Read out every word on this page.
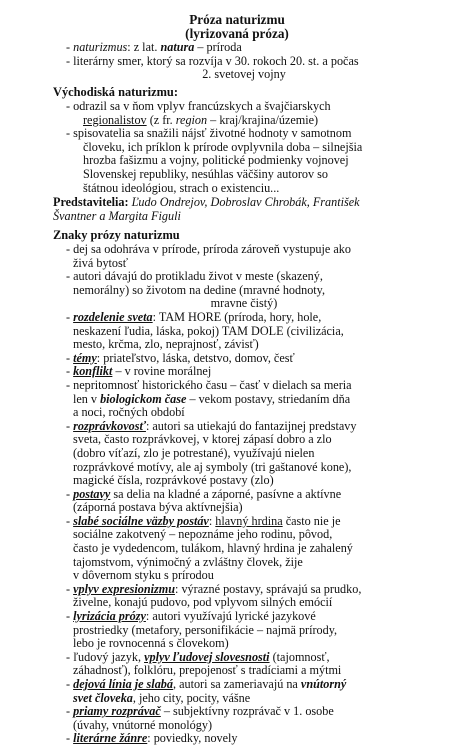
Próza naturizmu
(lyrizovaná próza)
- naturizmus: z lat. natura – príroda
- literárny smer, ktorý sa rozvíja v 30. rokoch 20. st. a počas
2. svetovej vojny
Východiská naturizmu:
- odrazil sa v ňom vplyv francúzskych a švajčiarskych
regionalistov (z fr. region – kraj/krajina/územie)
- spisovatelia sa snažili nájsť životné hodnoty v samotnom
človeku, ich príklon k prírode ovplyvnila doba – silnejšia
hrozba fašizmu a vojny, politické podmienky vojnovej
Slovenskej republiky, nesúhlas väčšiny autorov so
štátnou ideológiou, strach o existenciu...
Predstavitelia: Ľudo Ondrejov, Dobroslav Chrobák, František
Švantner a Margita Figuli
Znaky prózy naturizmu
- dej sa odohráva v prírode, príroda zároveň vystupuje ako
živá bytosť
- autori dávajú do protikladu život v meste (skazený,
nemorálny) so životom na dedine (mravné hodnoty,
mravne čistý)
- rozdelenie sveta: TAM HORE (príroda, hory, hole,
neskazení ľudia, láska, pokoj) TAM DOLE (civilizácia,
mesto, krčma, zlo, neprajnosť, závisť)
- témy: priateľstvo, láska, detstvo, domov, česť
- konflikt – v rovine morálnej
- nepritomnosť historického času – časť v dielach sa meria
len v biologickom čase – vekom postavy, striedaním dňa
a noci, ročných období
- rozprávkovosť: autori sa utiekajú do fantazijnej predstavy
sveta, často rozprávkovej, v ktorej zápasí dobro a zlo
(dobro víťazí, zlo je potrestané), využívajú nielen
rozprávkové motívy, ale aj symboly (tri gaštanové kone),
magické čísla, rozprávkové postavy (zlo)
- postavy sa delia na kladné a záporné, pasívne a aktívne
(záporná postava býva aktívnejšia)
- slabé sociálne väzby postáv: hlavný hrdina často nie je
sociálne zakotvený – nepoznáme jeho rodinu, pôvod,
často je vydedencom, tulákom, hlavný hrdina je zahalený
tajomstvom, výnimočný a zvláštny človek, žije
v dôvernom styku s prírodou
- vplyv expresionizmu: výrazné postavy, správajú sa prudko,
živelne, konajú pudovo, pod vplyvom silných emócií
- lyrizácia prózy: autori využívajú lyrické jazykové
prostriedky (metafory, personifikácie – najmä prírody,
lebo je rovnocenná s človekom)
- ľudový jazyk, vplyv ľudovej slovesnosti (tajomnosť,
záhadnosť), folklóru, prepojenosť s tradíciami a mýtmi
- dejová línia je slabá, autori sa zameriavajú na vnútorný
svet človeka, jeho city, pocity, vášne
- priamy rozprávač – subjektívny rozprávač v 1. osobe
(úvahy, vnútorné monológy)
- literárne žánre: poviedky, novely
